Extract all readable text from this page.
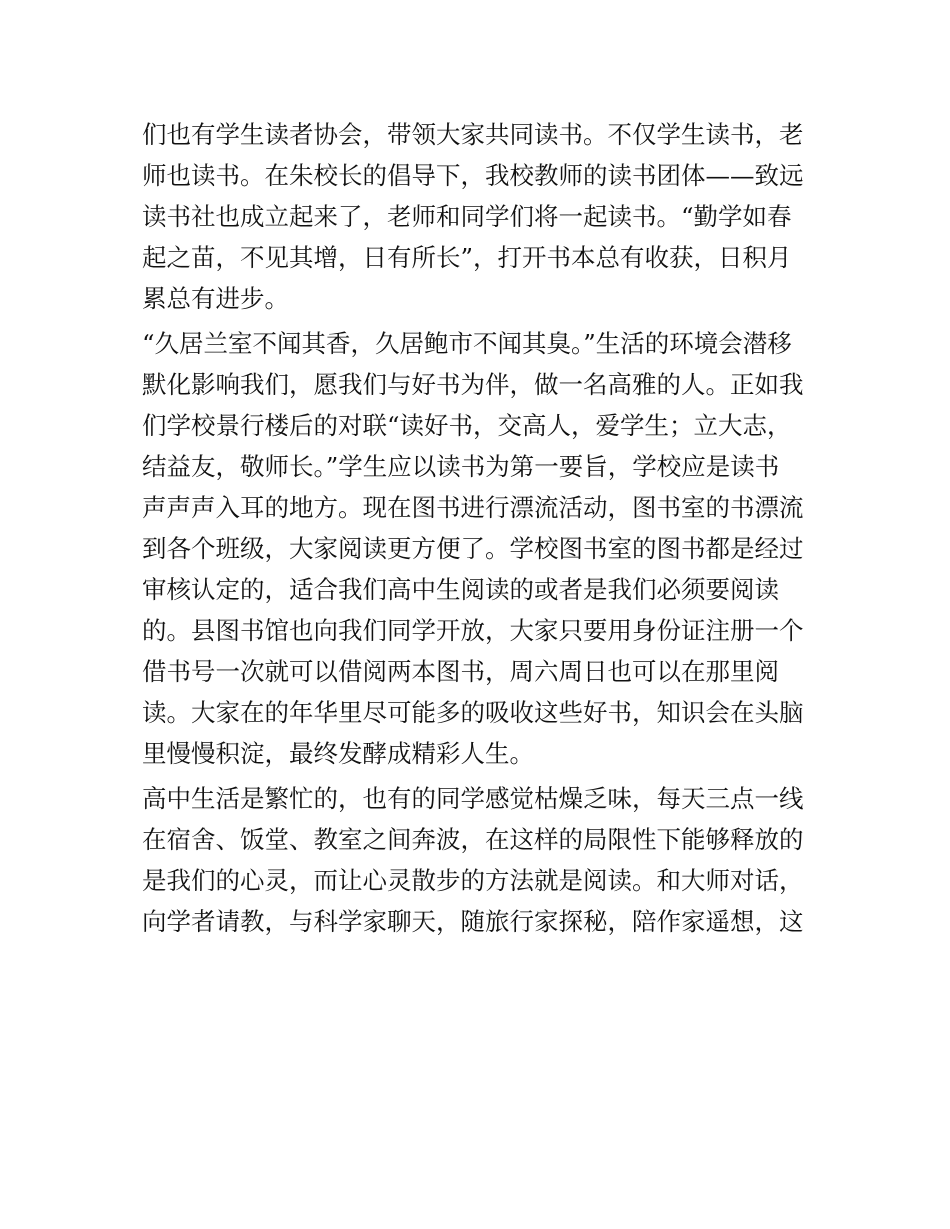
们也有学生读者协会，带领大家共同读书。不仅学生读书，老
师也读书。在朱校长的倡导下，我校教师的读书团体——致远
读书社也成立起来了，老师和同学们将一起读书。“勤学如春
起之苗，不见其增，日有所长”，打开书本总有收获，日积月
累总有进步。
“久居兰室不闻其香，久居鲍市不闻其臭。”生活的环境会潜移
默化影响我们，愿我们与好书为伴，做一名高雅的人。正如我
们学校景行楼后的对联“读好书，交高人，爱学生；立大志，
结益友，敬师长。”学生应以读书为第一要旨，学校应是读书
声声声入耳的地方。现在图书进行漂流活动，图书室的书漂流
到各个班级，大家阅读更方便了。学校图书室的图书都是经过
审核认定的，适合我们高中生阅读的或者是我们必须要阅读
的。县图书馆也向我们同学开放，大家只要用身份证注册一个
借书号一次就可以借阅两本图书，周六周日也可以在那里阅
读。大家在的年华里尽可能多的吸收这些好书，知识会在头脑
里慢慢积淀，最终发酵成精彩人生。
高中生活是繁忙的，也有的同学感觉枯燥乏味，每天三点一线
在宿舍、饭堂、教室之间奔波，在这样的局限性下能够释放的
是我们的心灵，而让心灵散步的方法就是阅读。和大师对话，
向学者请教，与科学家聊天，随旅行家探秘，陪作家遥想，这
